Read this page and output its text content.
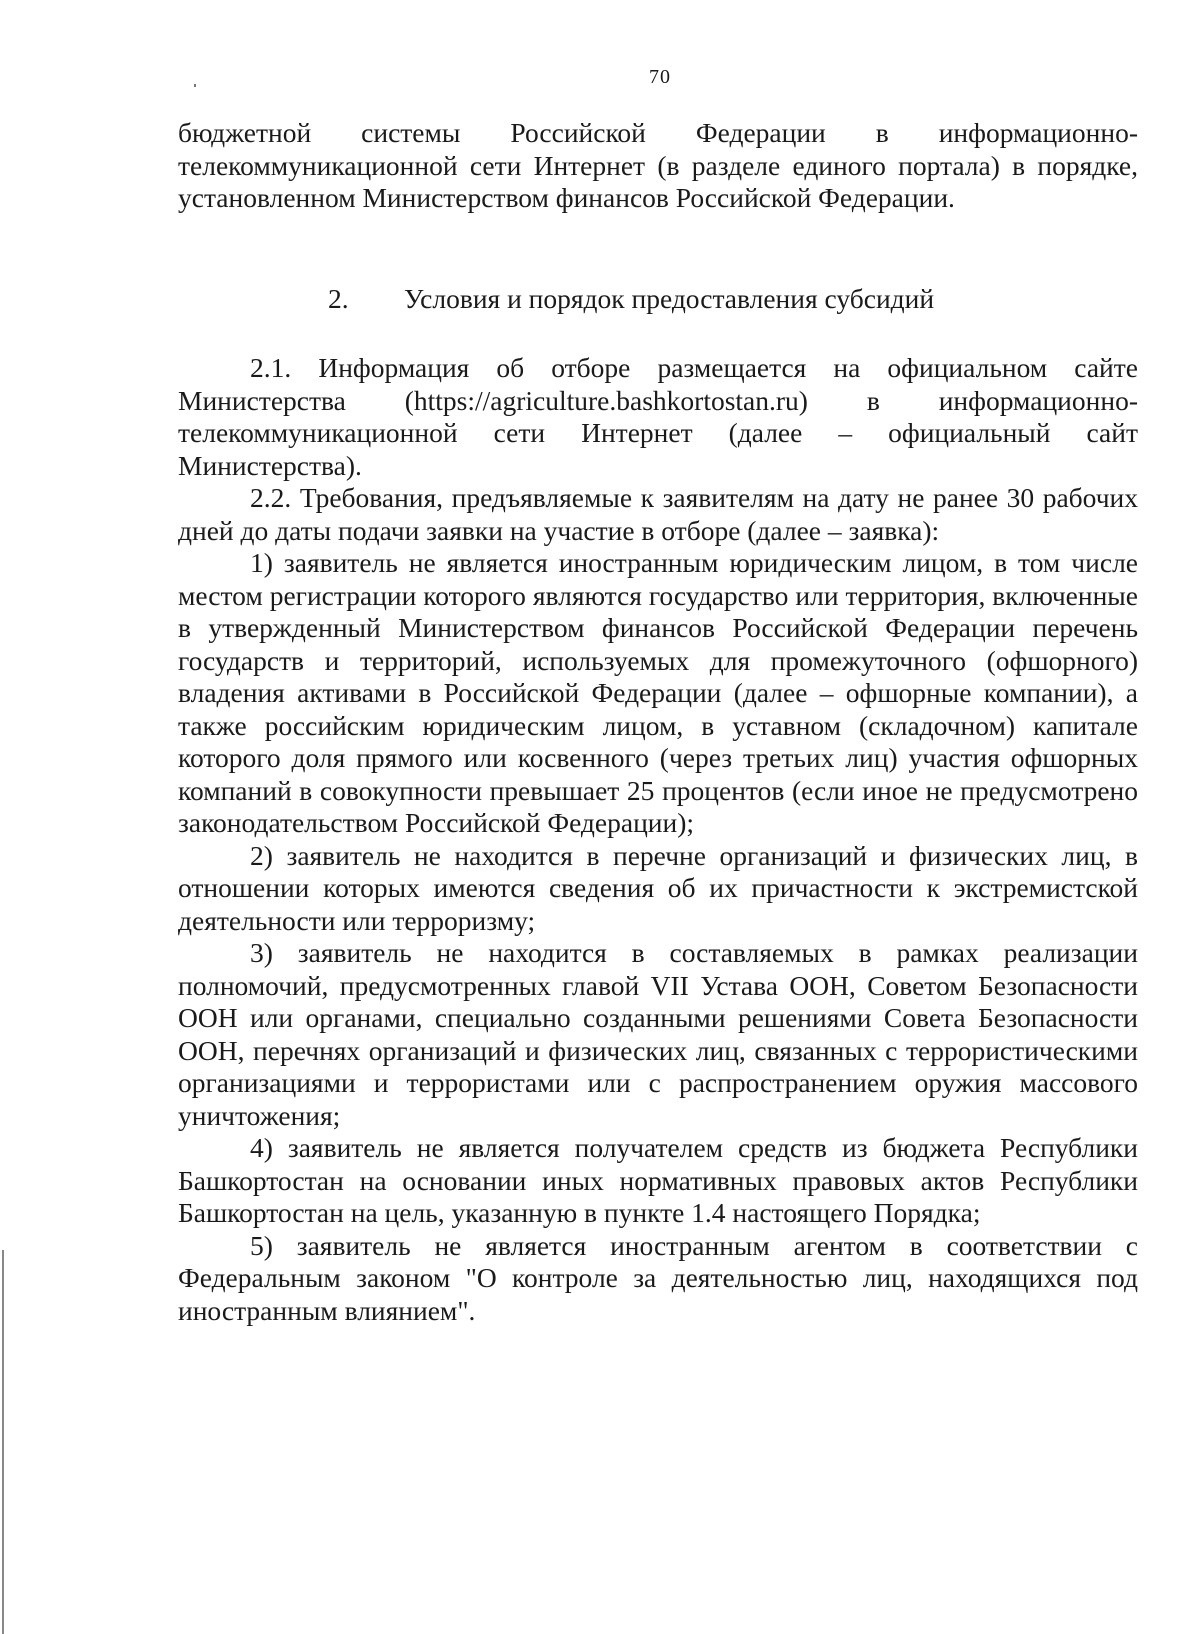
70

бюджетной системы Российской Федерации в информационно-телекоммуникационной сети Интернет (в разделе единого портала) в порядке, установленном Министерством финансов Российской Федерации.

2. Условия и порядок предоставления субсидий

2.1. Информация об отборе размещается на официальном сайте Министерства (https://agriculture.bashkortostan.ru) в информационно-телекоммуникационной сети Интернет (далее – официальный сайт Министерства).

2.2. Требования, предъявляемые к заявителям на дату не ранее 30 рабочих дней до даты подачи заявки на участие в отборе (далее – заявка):

1) заявитель не является иностранным юридическим лицом, в том числе местом регистрации которого являются государство или территория, включенные в утвержденный Министерством финансов Российской Федерации перечень государств и территорий, используемых для промежуточного (офшорного) владения активами в Российской Федерации (далее – офшорные компании), а также российским юридическим лицом, в уставном (складочном) капитале которого доля прямого или косвенного (через третьих лиц) участия офшорных компаний в совокупности превышает 25 процентов (если иное не предусмотрено законодательством Российской Федерации);

2) заявитель не находится в перечне организаций и физических лиц, в отношении которых имеются сведения об их причастности к экстремистской деятельности или терроризму;

3) заявитель не находится в составляемых в рамках реализации полномочий, предусмотренных главой VII Устава ООН, Советом Безопасности ООН или органами, специально созданными решениями Совета Безопасности ООН, перечнях организаций и физических лиц, связанных с террористическими организациями и террористами или с распространением оружия массового уничтожения;

4) заявитель не является получателем средств из бюджета Республики Башкортостан на основании иных нормативных правовых актов Республики Башкортостан на цель, указанную в пункте 1.4 настоящего Порядка;

5) заявитель не является иностранным агентом в соответствии с Федеральным законом "О контроле за деятельностью лиц, находящихся под иностранным влиянием".
